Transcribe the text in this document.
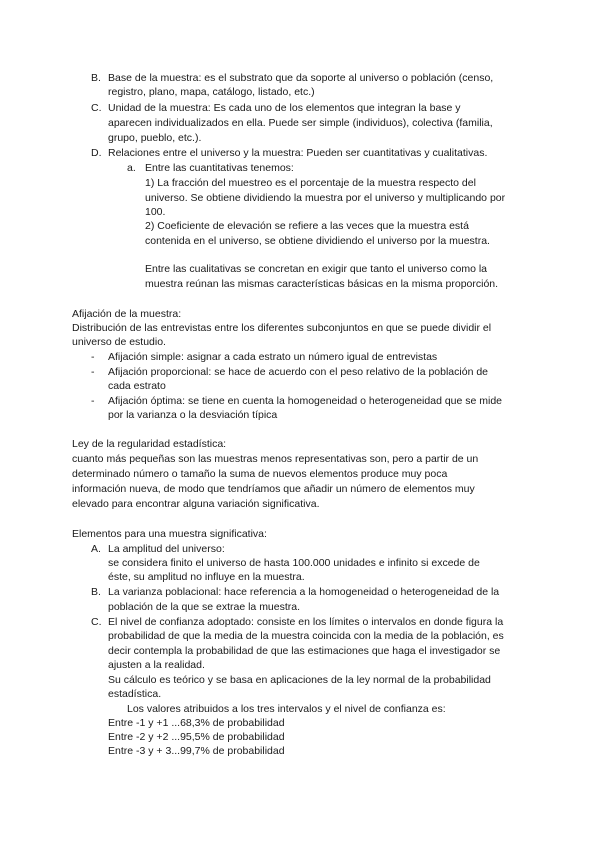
B. Base de la muestra: es el substrato que da soporte al universo o población (censo,
registro, plano, mapa, catálogo, listado, etc.)
C. Unidad de la muestra: Es cada uno de los elementos que integran la base y
aparecen individualizados en ella. Puede ser simple (individuos), colectiva (familia,
grupo, pueblo, etc.).
D. Relaciones entre el universo y la muestra: Pueden ser cuantitativas y cualitativas.
a. Entre las cuantitativas tenemos:
1) La fracción del muestreo es el porcentaje de la muestra respecto del
universo. Se obtiene dividiendo la muestra por el universo y multiplicando por
100.
2) Coeficiente de elevación se refiere a las veces que la muestra está
contenida en el universo, se obtiene dividiendo el universo por la muestra.
Entre las cualitativas se concretan en exigir que tanto el universo como la
muestra reúnan las mismas características básicas en la misma proporción.
Afijación de la muestra:
Distribución de las entrevistas entre los diferentes subconjuntos en que se puede dividir el
universo de estudio.
- Afijación simple: asignar a cada estrato un número igual de entrevistas
- Afijación proporcional: se hace de acuerdo con el peso relativo de la población de
cada estrato
- Afijación óptima: se tiene en cuenta la homogeneidad o heterogeneidad que se mide
por la varianza o la desviación típica
Ley de la regularidad estadística:
cuanto más pequeñas son las muestras menos representativas son, pero a partir de un
determinado número o tamaño la suma de nuevos elementos produce muy poca
información nueva, de modo que tendríamos que añadir un número de elementos muy
elevado para encontrar alguna variación significativa.
Elementos para una muestra significativa:
A. La amplitud del universo:
se considera finito el universo de hasta 100.000 unidades e infinito si excede de
éste, su amplitud no influye en la muestra.
B. La varianza poblacional: hace referencia a la homogeneidad o heterogeneidad de la
población de la que se extrae la muestra.
C. El nivel de confianza adoptado: consiste en los límites o intervalos en donde figura la
probabilidad de que la media de la muestra coincida con la media de la población, es
decir contempla la probabilidad de que las estimaciones que haga el investigador se
ajusten a la realidad.
Su cálculo es teórico y se basa en aplicaciones de la ley normal de la probabilidad
estadística.
Los valores atribuidos a los tres intervalos y el nivel de confianza es:
Entre -1 y +1 ...68,3% de probabilidad
Entre -2 y +2 ...95,5% de probabilidad
Entre -3 y + 3...99,7% de probabilidad
